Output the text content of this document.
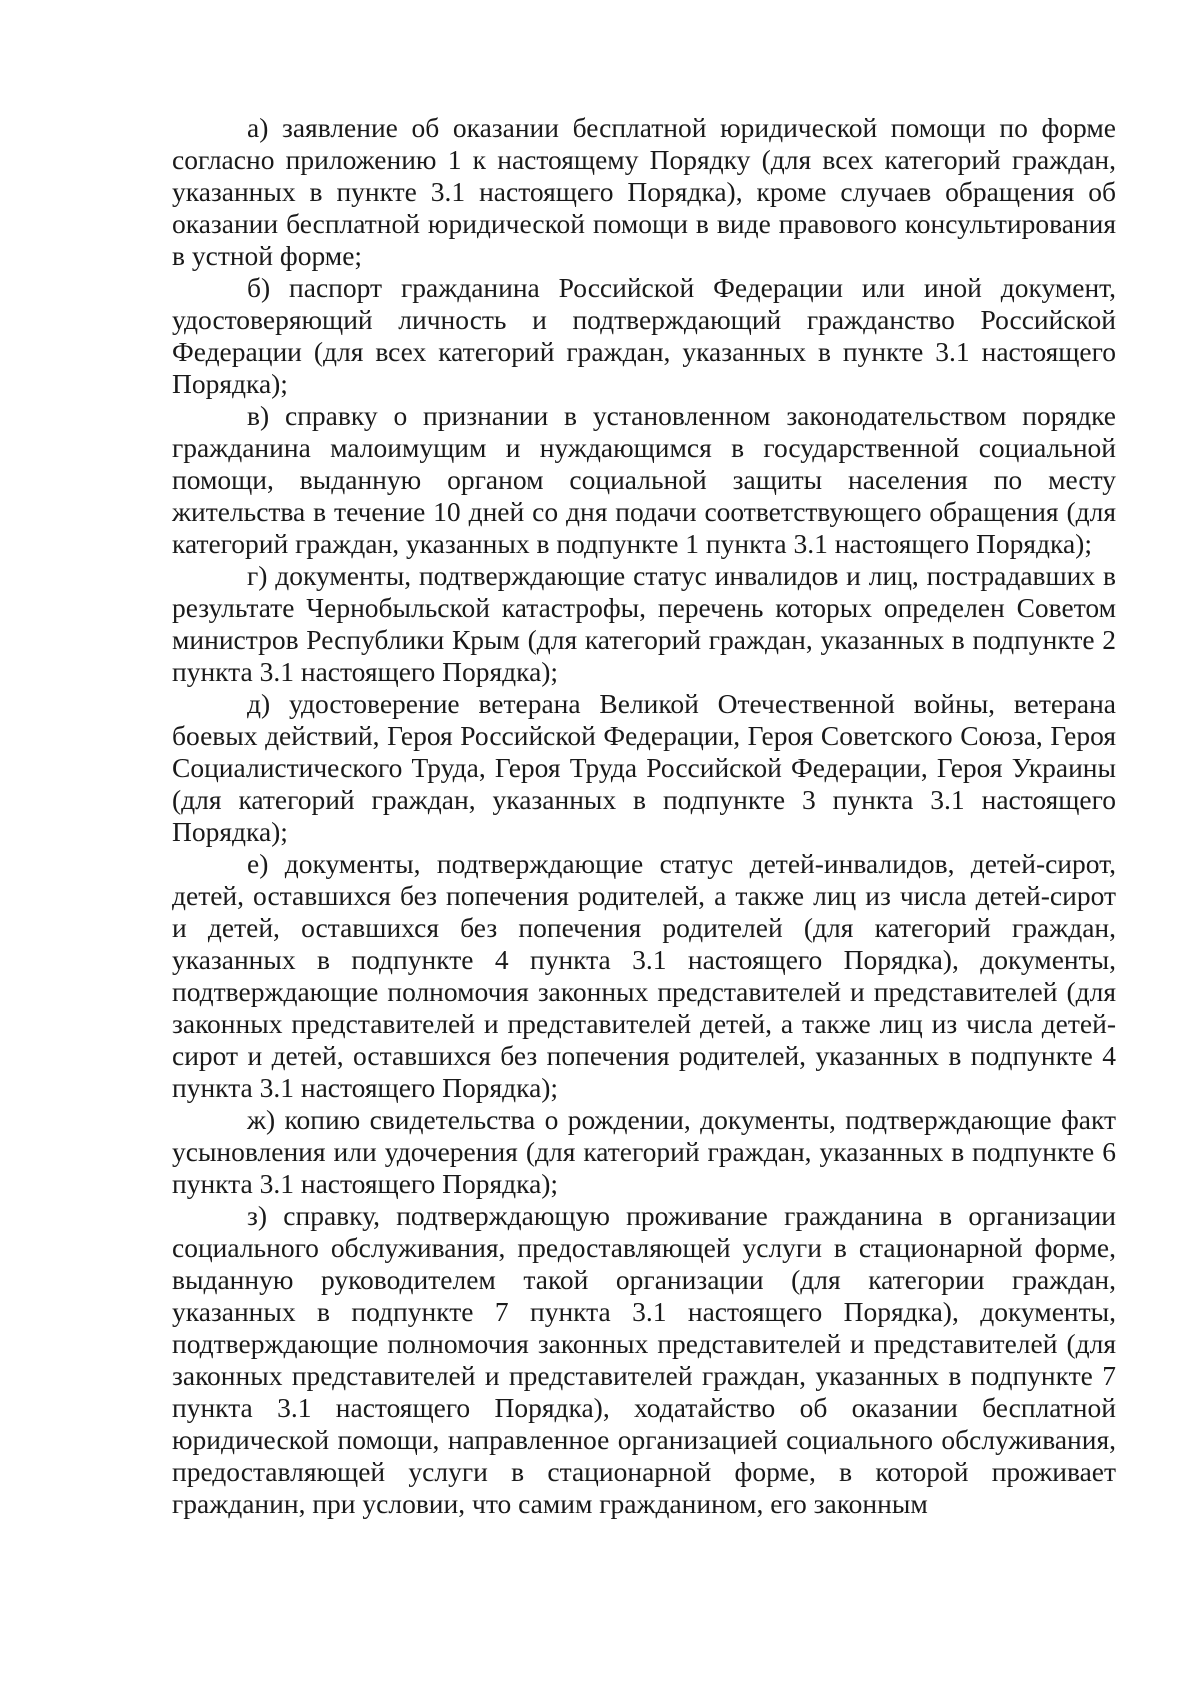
а) заявление об оказании бесплатной юридической помощи по форме согласно приложению 1 к настоящему Порядку (для всех категорий граждан, указанных в пункте 3.1 настоящего Порядка), кроме случаев обращения об оказании бесплатной юридической помощи в виде правового консультирования в устной форме;

б) паспорт гражданина Российской Федерации или иной документ, удостоверяющий личность и подтверждающий гражданство Российской Федерации (для всех категорий граждан, указанных в пункте 3.1 настоящего Порядка);

в) справку о признании в установленном законодательством порядке гражданина малоимущим и нуждающимся в государственной социальной помощи, выданную органом социальной защиты населения по месту жительства в течение 10 дней со дня подачи соответствующего обращения (для категорий граждан, указанных в подпункте 1 пункта 3.1 настоящего Порядка);

г) документы, подтверждающие статус инвалидов и лиц, пострадавших в результате Чернобыльской катастрофы, перечень которых определен Советом министров Республики Крым (для категорий граждан, указанных в подпункте 2 пункта 3.1 настоящего Порядка);

д) удостоверение ветерана Великой Отечественной войны, ветерана боевых действий, Героя Российской Федерации, Героя Советского Союза, Героя Социалистического Труда, Героя Труда Российской Федерации, Героя Украины (для категорий граждан, указанных в подпункте 3 пункта 3.1 настоящего Порядка);

е) документы, подтверждающие статус детей-инвалидов, детей-сирот, детей, оставшихся без попечения родителей, а также лиц из числа детей-сирот и детей, оставшихся без попечения родителей (для категорий граждан, указанных в подпункте 4 пункта 3.1 настоящего Порядка), документы, подтверждающие полномочия законных представителей и представителей (для законных представителей и представителей детей, а также лиц из числа детей-сирот и детей, оставшихся без попечения родителей, указанных в подпункте 4 пункта 3.1 настоящего Порядка);

ж) копию свидетельства о рождении, документы, подтверждающие факт усыновления или удочерения (для категорий граждан, указанных в подпункте 6 пункта 3.1 настоящего Порядка);

з) справку, подтверждающую проживание гражданина в организации социального обслуживания, предоставляющей услуги в стационарной форме, выданную руководителем такой организации (для категории граждан, указанных в подпункте 7 пункта 3.1 настоящего Порядка), документы, подтверждающие полномочия законных представителей и представителей (для законных представителей и представителей граждан, указанных в подпункте 7 пункта 3.1 настоящего Порядка), ходатайство об оказании бесплатной юридической помощи, направленное организацией социального обслуживания, предоставляющей услуги в стационарной форме, в которой проживает гражданин, при условии, что самим гражданином, его законным
